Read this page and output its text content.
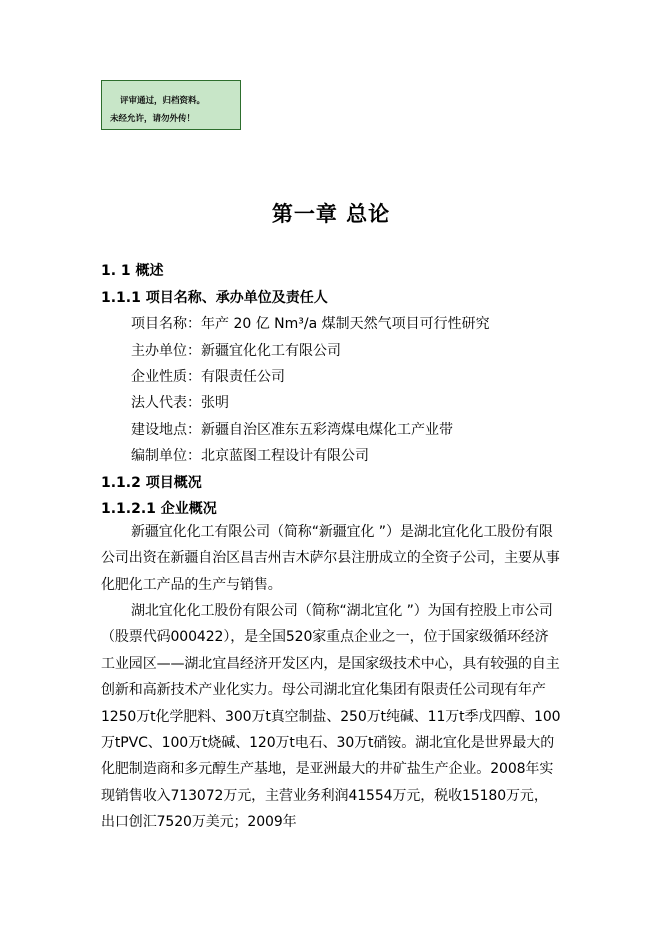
评审通过，归档资料。
未经允许，请勿外传！
第一章 总论
1. 1 概述
1.1.1 项目名称、承办单位及责任人
项目名称：年产 20 亿 Nm³/a 煤制天然气项目可行性研究
主办单位：新疆宜化化工有限公司
企业性质：有限责任公司
法人代表：张明
建设地点：新疆自治区准东五彩湾煤电煤化工产业带
编制单位：北京蓝图工程设计有限公司
1.1.2 项目概况
1.1.2.1 企业概况
新疆宜化化工有限公司（简称“新疆宜化 ”）是湖北宜化化工股份有限公司出资在新疆自治区昌吉州吉木萨尔县注册成立的全资子公司，主要从事化肥化工产品的生产与销售。
湖北宜化化工股份有限公司（简称“湖北宜化 ”）为国有控股上市公司（股票代码000422），是全国520家重点企业之一，位于国家级循环经济工业园区——湖北宜昌经济开发区内，是国家级技术中心，具有较强的自主创新和高新技术产业化实力。母公司湖北宜化集团有限责任公司现有年产1250万t化学肥料、300万t真空制盐、250万t纯碱、11万t季戊四醇、100万tPVC、100万t烧碱、120万t电石、30万t硝铵。湖北宜化是世界最大的化肥制造商和多元醇生产基地，是亚洲最大的井矿盐生产企业。2008年实现销售收入713072万元，主营业务利润41554万元，税收15180万元，出口创汇7520万美元；2009年
